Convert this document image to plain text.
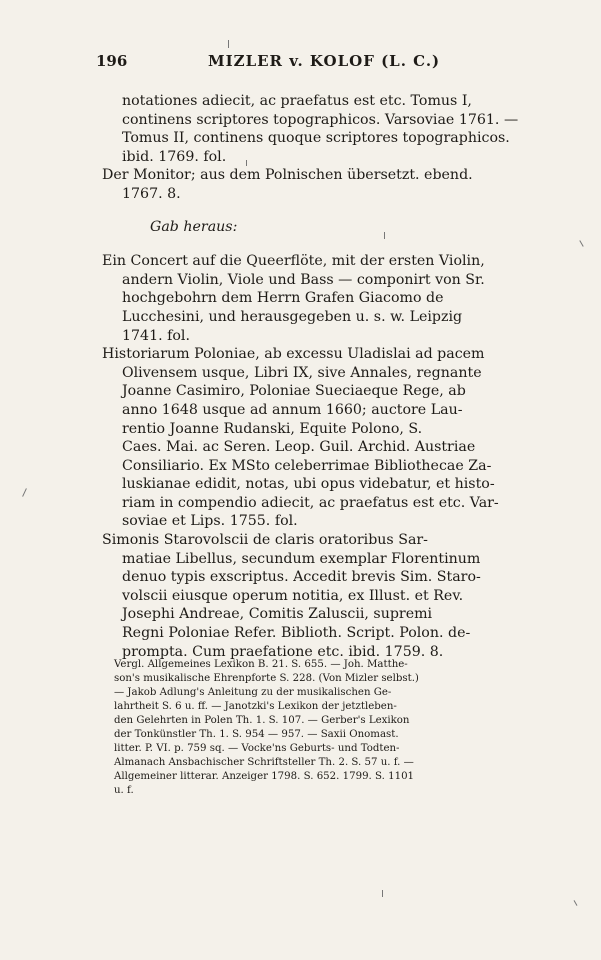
196	MIZLER v. KOLOF (L. C.)
notationes adiecit, ac praefatus est etc. Tomus I,
continens scriptores topographicos. Varsoviae 1761. —
Tomus II, continens quoque scriptores topographicos.
ibid. 1769. fol.
Der Monitor; aus dem Polnischen übersetzt. ebend.
1767. 8.
Gab heraus:
Ein Concert auf die Queerflöte, mit der ersten Violin,
andern Violin, Viole und Bass — componirt von Sr.
hochgebohrn dem Herrn Grafen Giacomo de
Lucchesini, und herausgegeben u. s. w. Leipzig
1741. fol.
Historiarum Poloniae, ab excessu Uladislai ad pacem
Olivensem usque, Libri IX, sive Annales, regnante
Joanne Casimiro, Poloniae Sueciaeque Rege, ab
anno 1648 usque ad annum 1660; auctore Lau-
rentio Joanne Rudanski, Equite Polono, S.
Caes. Mai. ac Seren. Leop. Guil. Archid. Austriae
Consiliario. Ex MSto celeberrimae Bibliothecae Za-
luskianae edidit, notas, ubi opus videbatur, et histo-
riam in compendio adiecit, ac praefatus est etc. Var-
soviae et Lips. 1755. fol.
Simonis Starovolscii de claris oratoribus Sar-
matiae Libellus, secundum exemplar Florentinum
denuo typis exscriptus. Accedit brevis Sim. Staro-
volscii eiusque operum notitia, ex Illust. et Rev.
Josephi Andreae, Comitis Zaluscii, supremi
Regni Poloniae Refer. Biblioth. Script. Polon. de-
prompta. Cum praefatione etc. ibid. 1759. 8.
Vergl. Allgemeines Lexikon B. 21. S. 655. — Joh. Matthe-
son's musikalische Ehrenpforte S. 228. (Von Mizler selbst.)
— Jakob Adlung's Anleitung zu der musikalischen Ge-
lahrtheit S. 6 u. ff. — Janotzki's Lexikon der jetztleben-
den Gelehrten in Polen Th. 1. S. 107. — Gerber's Lexikon
der Tonkünstler Th. 1. S. 954 — 957. — Saxii Onomast.
litter. P. VI. p. 759 sq. — Vocke'ns Geburts- und Todten-
Almanach Ansbachischer Schriftsteller Th. 2. S. 57 u. f. —
Allgemeiner litterar. Anzeiger 1798. S. 652. 1799. S. 1101
u. f.
